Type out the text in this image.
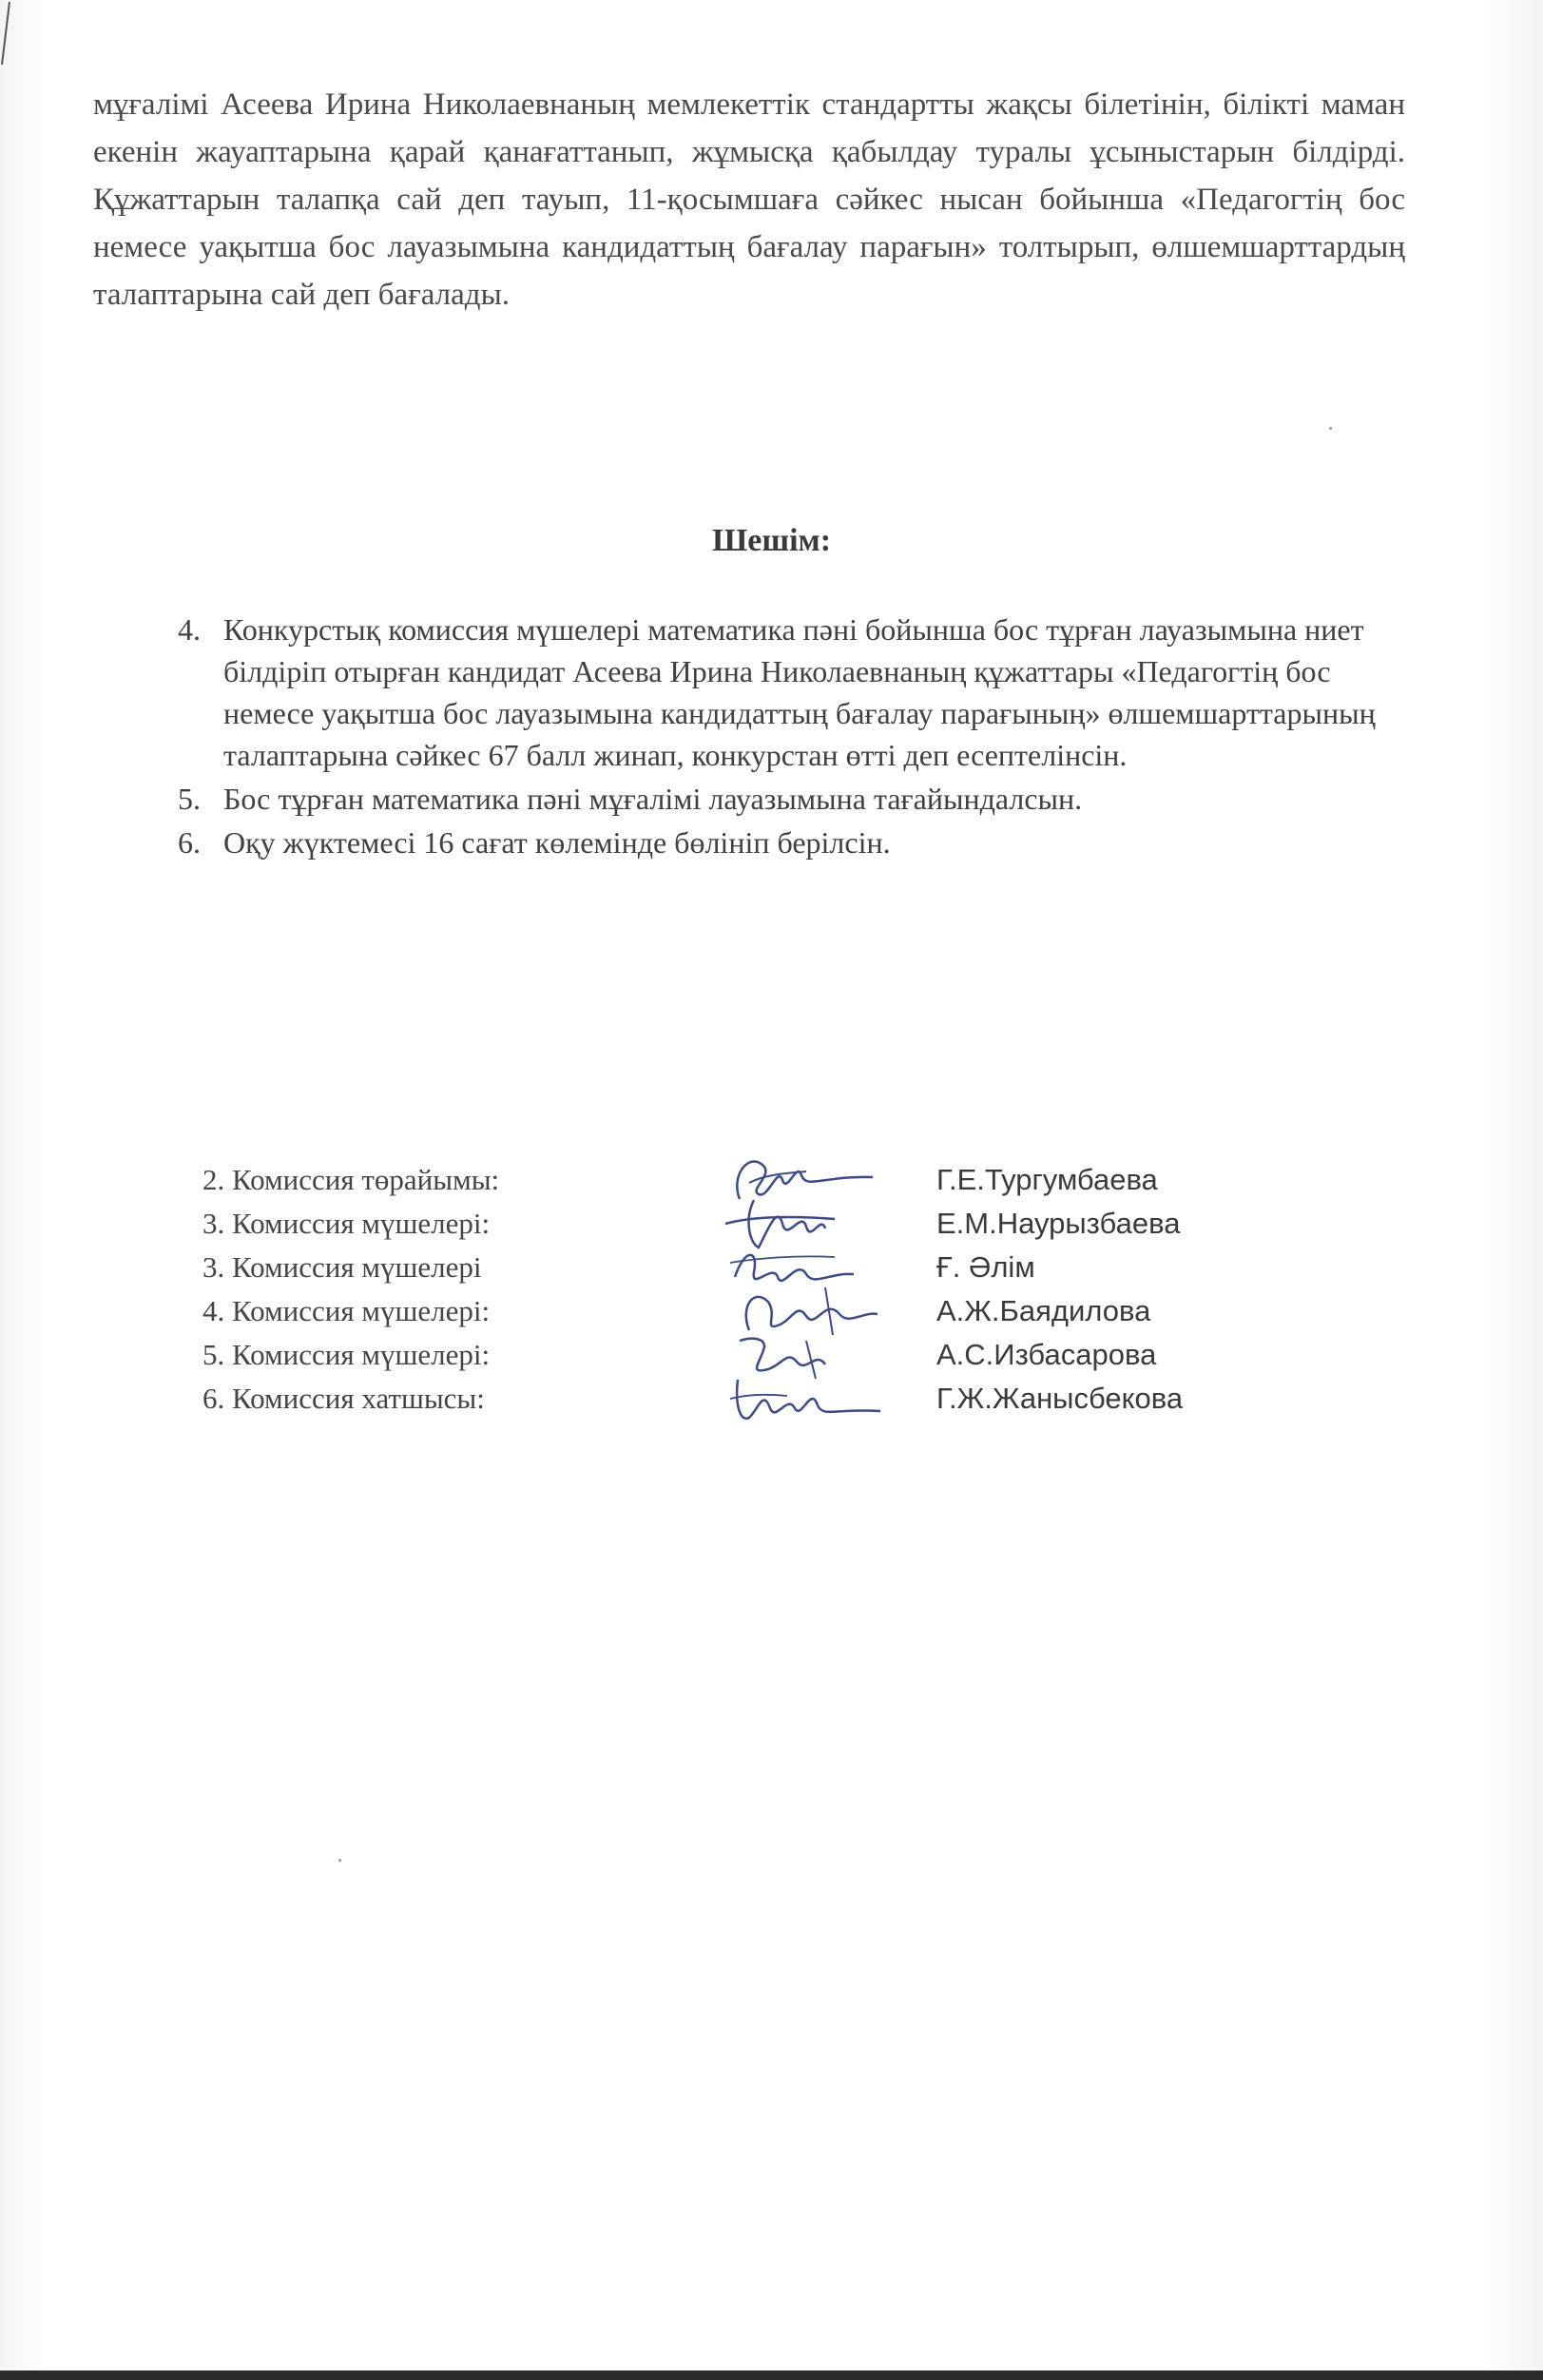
мұғалімі Асеева Ирина Николаевнаның мемлекеттік стандартты жақсы білетінін, білікті маман екенін жауаптарына қарай қанағаттанып, жұмысқа қабылдау туралы ұсыныстарын білдірді. Құжаттарын талапқа сай деп тауып, 11-қосымшаға сәйкес нысан бойынша «Педагогтің бос немесе уақытша бос лауазымына кандидаттың бағалау парағын» толтырып, өлшемшарттардың талаптарына сай деп бағалады.
Шешім:
4. Конкурстық комиссия мүшелері математика пәні бойынша бос тұрған лауазымына ниет білдіріп отырған кандидат Асеева Ирина Николаевнаның құжаттары «Педагогтің бос немесе уақытша бос лауазымына кандидаттың бағалау парағының» өлшемшарттарының талаптарына сәйкес 67 балл жинап, конкурстан өтті деп есептелінсін.
5. Бос тұрған математика пәні мұғалімі лауазымына тағайындалсын.
6. Оқу жүктемесі 16 сағат көлемінде бөлініп берілсін.
2. Комиссия төрайымы:	Г.Е.Тургумбаева
3. Комиссия мүшелері:	Е.М.Наурызбаева
3. Комиссия мүшелері	Ғ. Әлім
4. Комиссия мүшелері:	А.Ж.Баядилова
5. Комиссия мүшелері:	А.С.Избасарова
6. Комиссия хатшысы:	Г.Ж.Жанысбекова
